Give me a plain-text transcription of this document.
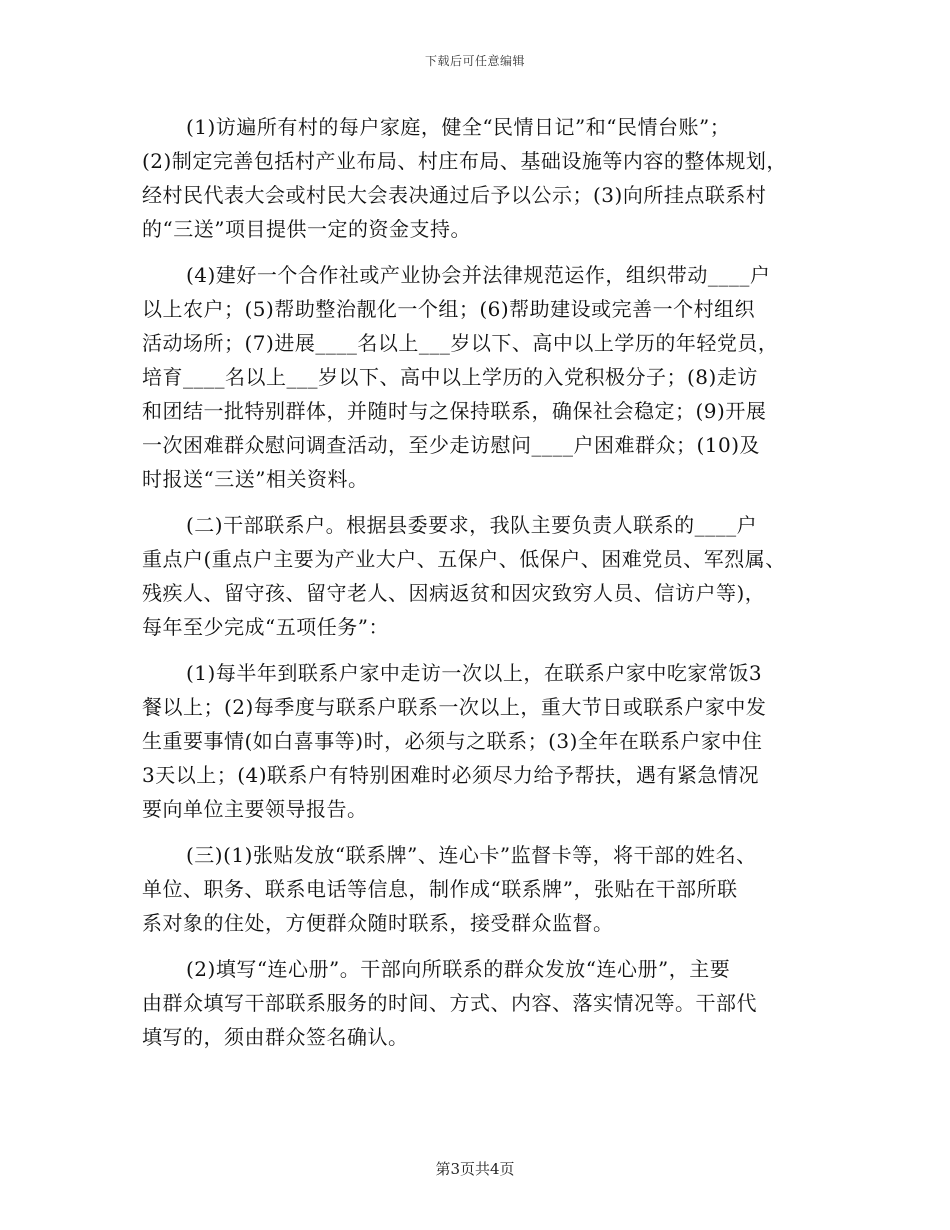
下载后可任意编辑
(1)访遍所有村的每户家庭，健全“民情日记”和“民情台账”；
(2)制定完善包括村产业布局、村庄布局、基础设施等内容的整体规划，
经村民代表大会或村民大会表决通过后予以公示；(3)向所挂点联系村
的“三送”项目提供一定的资金支持。
(4)建好一个合作社或产业协会并法律规范运作，组织带动____户
以上农户；(5)帮助整治靓化一个组；(6)帮助建设或完善一个村组织
活动场所；(7)进展____名以上___岁以下、高中以上学历的年轻党员，
培育____名以上___岁以下、高中以上学历的入党积极分子；(8)走访
和团结一批特别群体，并随时与之保持联系，确保社会稳定；(9)开展
一次困难群众慰问调查活动，至少走访慰问____户困难群众；(10)及
时报送“三送”相关资料。
(二)干部联系户。根据县委要求，我队主要负责人联系的____户
重点户(重点户主要为产业大户、五保户、低保户、困难党员、军烈属、
残疾人、留守孩、留守老人、因病返贫和因灾致穷人员、信访户等)，
每年至少完成“五项任务”：
(1)每半年到联系户家中走访一次以上，在联系户家中吃家常饭3
餐以上；(2)每季度与联系户联系一次以上，重大节日或联系户家中发
生重要事情(如白喜事等)时，必须与之联系；(3)全年在联系户家中住
3天以上；(4)联系户有特别困难时必须尽力给予帮扶，遇有紧急情况
要向单位主要领导报告。
(三)(1)张贴发放“联系牌”、连心卡”监督卡等，将干部的姓名、
单位、职务、联系电话等信息，制作成“联系牌”，张贴在干部所联
系对象的住处，方便群众随时联系，接受群众监督。
(2)填写“连心册”。干部向所联系的群众发放“连心册”，主要
由群众填写干部联系服务的时间、方式、内容、落实情况等。干部代
填写的，须由群众签名确认。
第3页共4页
